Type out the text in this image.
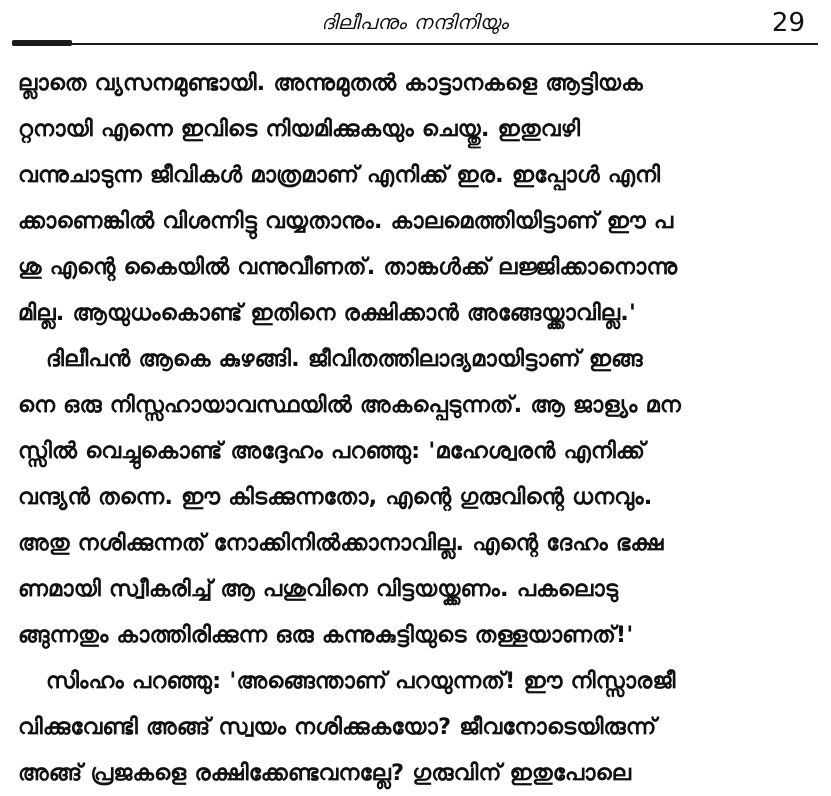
ദിലീപനും നന്ദിനിയും	29
ല്ലാതെ വ്യസനമുണ്ടായി. അന്നുമുതൽ കാട്ടാനകളെ ആട്ടിയക
റ്റനായി എന്നെ ഇവിടെ നിയമിക്കുകയും ചെയ്തു. ഇതുവഴി
വന്നുചാടുന്ന ജീവികൾ മാത്രമാണ് എനിക്ക് ഇര. ഇപ്പോൾ എനി
ക്കാണെങ്കിൽ വിശന്നിട്ടു വയ്യതാനും. കാലമെത്തിയിട്ടാണ് ഈ പ
ശു എന്റെ കൈയിൽ വന്നുവീണത്. താങ്കൾക്ക് ലജ്ജിക്കാനൊന്നു
മില്ല. ആയുധംകൊണ്ട് ഇതിനെ രക്ഷിക്കാൻ അങ്ങേയ്ക്കാവില്ല.'
ദിലീപൻ ആകെ കുഴങ്ങി. ജീവിതത്തിലാദ്യമായിട്ടാണ് ഇങ്ങ
നെ ഒരു നിസ്സഹായാവസ്ഥയിൽ അകപ്പെടുന്നത്. ആ ജാള്യം മന
സ്സിൽ വെച്ചുകൊണ്ട് അദ്ദേഹം പറഞ്ഞു: 'മഹേശ്വരൻ എനിക്ക്
വന്ദ്യൻ തന്നെ. ഈ കിടക്കുന്നതോ, എന്റെ ഗുരുവിന്റെ ധനവും.
അതു നശിക്കുന്നത് നോക്കിനിൽക്കാനാവില്ല. എന്റെ ദേഹം ഭക്ഷ
ണമായി സ്വീകരിച്ച് ആ പശുവിനെ വിട്ടയയ്ക്കണം. പകലൊടു
ങ്ങുന്നതും കാത്തിരിക്കുന്ന ഒരു കന്നുകുട്ടിയുടെ തള്ളയാണത്!'
സിംഹം പറഞ്ഞു: 'അങ്ങെന്താണ് പറയുന്നത്! ഈ നിസ്സാരജീ
വിക്കുവേണ്ടി അങ്ങ് സ്വയം നശിക്കുകയോ? ജീവനോടെയിരുന്ന്
അങ്ങ് പ്രജകളെ രക്ഷിക്കേണ്ടവനല്ലേ? ഗുരുവിന് ഇതുപോലെ
